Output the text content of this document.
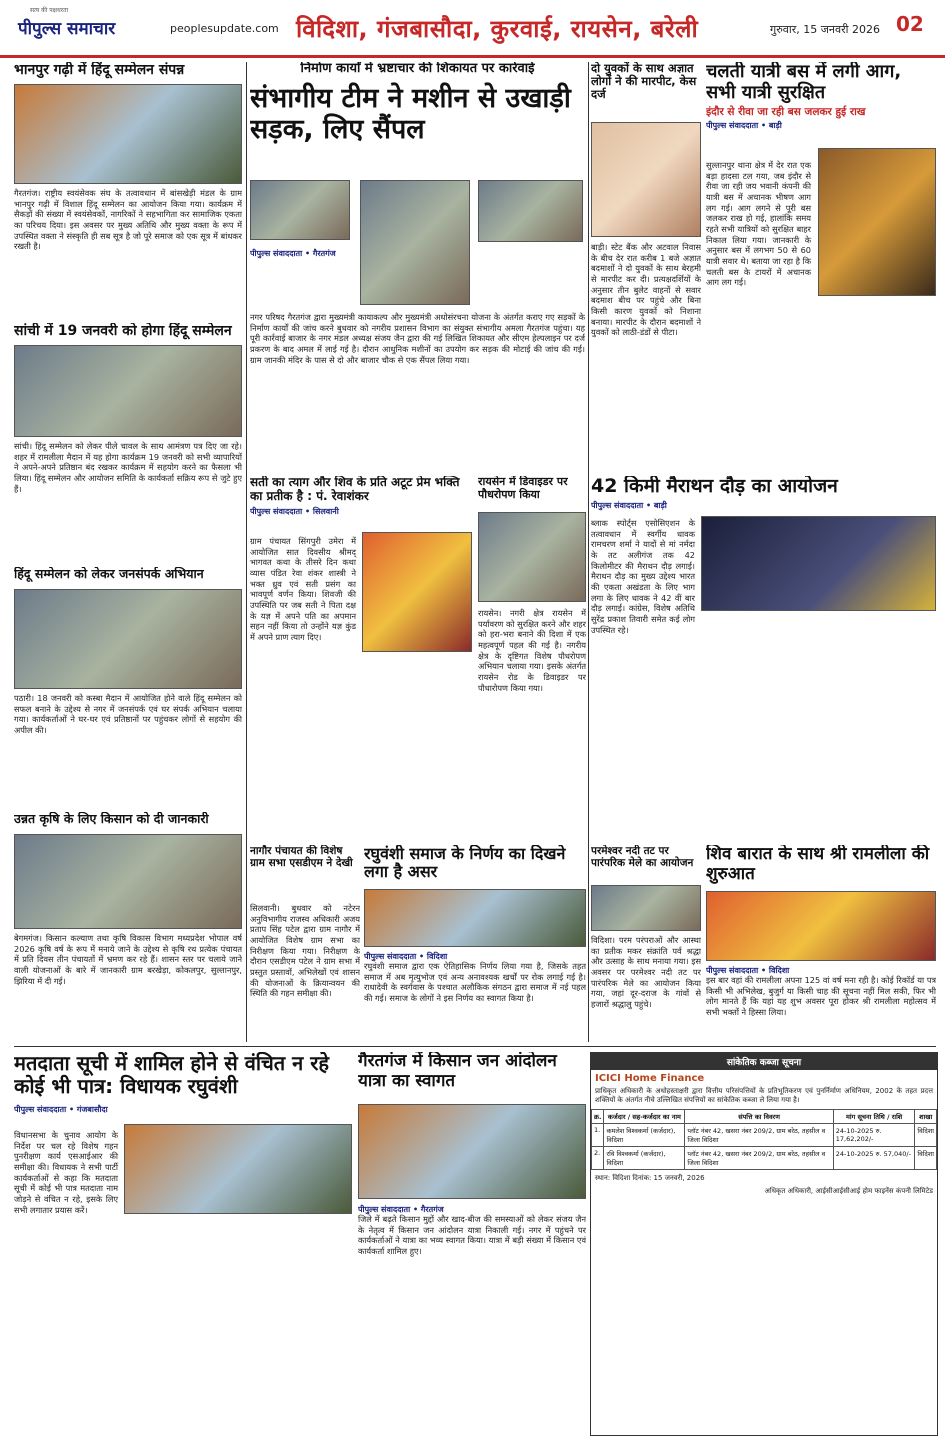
सत्य की पक्षधरता
पीपुल्स समाचार	peoplesupdate.com विदिशा, गंजबासौदा, कुरवाई, रायसेन, बरेली	गुरुवार, 15 जनवरी 2026 02
भानपुर गढ़ी में हिंदू सम्मेलन संपन्न
गैरतगंज। राष्ट्रीय स्वयंसेवक संघ के तत्वावधान में बांसखेड़ी मंडल के ग्राम भानपुर गढ़ी में विशाल हिंदू सम्मेलन का आयोजन किया गया। कार्यक्रम में सैकड़ों की संख्या में स्वयंसेवकों, नागरिकों ने सहभागिता कर सामाजिक एकता का परिचय दिया। इस अवसर पर मुख्य अतिथि और मुख्य वक्ता के रूप में उपस्थित वक्ता ने संस्कृति ही सब सूत्र है जो पूरे समाज को एक सूत्र में बांधकर रखती है।
सांची में 19 जनवरी को होगा हिंदू सम्मेलन
सांची। हिंदू सम्मेलन को लेकर पीले चावल के साथ आमंत्रण पत्र दिए जा रहे। शहर में रामलीला मैदान में यह होगा कार्यक्रम 19 जनवरी को सभी व्यापारियों ने अपने-अपने प्रतिष्ठान बंद रखकर कार्यक्रम में सहयोग करने का फैसला भी लिया। हिंदू सम्मेलन और आयोजन समिति के कार्यकर्ता सक्रिय रूप से जुटे हुए हैं।
हिंदू सम्मेलन को लेकर जनसंपर्क अभियान
पठारी। 18 जनवरी को कस्बा मैदान में आयोजित होने वाले हिंदू सम्मेलन को सफल बनाने के उद्देश्य से नगर में जनसंपर्क एवं घर संपर्क अभियान चलाया गया। कार्यकर्ताओं ने घर-घर एवं प्रतिष्ठानों पर पहुंचकर लोगों से सहयोग की अपील की।
उन्नत कृषि के लिए किसान को दी जानकारी
बेगमगंज। किसान कल्याण तथा कृषि विकास विभाग मध्यप्रदेश भोपाल वर्ष 2026 कृषि वर्ष के रूप में मनाये जाने के उद्देश्य से कृषि रथ प्रत्येक पंचायत में प्रति दिवस तीन पंचायतों में भ्रमण कर रहे हैं। शासन स्तर पर चलाये जाने वाली योजनाओं के बारे में जानकारी ग्राम बरखेड़ा, कोकलपुर, सुल्तानपुर, झिरिया में दी गई।
निर्माण कार्यों में भ्रष्टाचार की शिकायत पर कार्रवाई
संभागीय टीम ने मशीन से उखाड़ी सड़क, लिए सैंपल
पीपुल्स संवाददाता • गैरतगंज
नगर परिषद गैरतगंज द्वारा मुख्यमंत्री कायाकल्प और मुख्यमंत्री अधोसंरचना योजना के अंतर्गत कराए गए सड़कों के निर्माण कार्यों की जांच करने बुधवार को नगरीय प्रशासन विभाग का संयुक्त संभागीय अमला गैरतगंज पहुंचा। यह पूरी कार्रवाई बाजार के नगर मंडल अध्यक्ष संजय जैन द्वारा की गई लिखित शिकायत और सीएम हेल्पलाइन पर दर्ज प्रकरण के बाद अमल में लाई गई है। दौरान आधुनिक मशीनों का उपयोग कर सड़क की मोटाई की जांच की गई। ग्राम जानकी मंदिर के पास से दो और बाजार चौक से एक सैंपल लिया गया।
दो युवकों के साथ अज्ञात लोगों ने की मारपीट, केस दर्ज
बाड़ी। स्टेट बैंक और अटवाल निवास के बीच देर रात करीब 1 बजे अज्ञात बदमाशों ने दो युवकों के साथ बेरहमी से मारपीट कर दी। प्रत्यक्षदर्शियों के अनुसार तीन बुलेट वाहनों से सवार बदमाश बीच पर पहुंचे और बिना किसी कारण युवकों को निशाना बनाया। मारपीट के दौरान बदमाशों ने युवकों को लाठी-डंडों से पीटा।
चलती यात्री बस में लगी आग, सभी यात्री सुरक्षित
इंदौर से रीवा जा रही बस जलकर हुई राख
पीपुल्स संवाददाता • बाड़ी
सुल्तानपुर थाना क्षेत्र में देर रात एक बड़ा हादसा टल गया, जब इंदौर से रीवा जा रही जय भवानी कंपनी की यात्री बस में अचानक भीषण आग लग गई। आग लगने से पूरी बस जलकर राख हो गई, हालांकि समय रहते सभी यात्रियों को सुरक्षित बाहर निकाल लिया गया। जानकारी के अनुसार बस में लगभग 50 से 60 यात्री सवार थे। बताया जा रहा है कि चलती बस के टायरों में अचानक आग लग गई।
सती का त्याग और शिव के प्रति अटूट प्रेम भक्ति का प्रतीक है : पं. रेवाशंकर
पीपुल्स संवाददाता • सिलवानी
ग्राम पंचायत सिंगपुरी उमेरा में आयोजित सात दिवसीय श्रीमद् भागवत कथा के तीसरे दिन कथा व्यास पंडित रेवा शंकर शास्त्री ने भक्त ध्रुव एवं सती प्रसंग का भावपूर्ण वर्णन किया। शिवजी की उपस्थिति पर जब सती ने पिता दक्ष के यज्ञ में अपने पति का अपमान सहन नहीं किया तो उन्होंने यज्ञ कुंड में अपने प्राण त्याग दिए।
रायसेन में डिवाइडर पर पौधरोपण किया
रायसेन। नगरी क्षेत्र रायसेन में पर्यावरण को सुरक्षित करने और शहर को हरा-भरा बनाने की दिशा में एक महत्वपूर्ण पहल की गई है। नगरीय क्षेत्र के दृष्टिगत विशेष पौधरोपण अभियान चलाया गया। इसके अंतर्गत रायसेन रोड के डिवाइडर पर पौधारोपण किया गया।
42 किमी मैराथन दौड़ का आयोजन
पीपुल्स संवाददाता • बाड़ी
ब्लाक स्पोर्ट्स एसोसिएशन के तत्वावधान में स्वर्गीय धावक रामचरण शर्मा ने यादों से मां नर्मदा के तट अलीगंज तक 42 किलोमीटर की मैराथन दौड़ लगाई। मैराथन दौड़ का मुख्य उद्देश्य भारत की एकता अखंडता के लिए भाग लगा के लिए धावक ने 42 वीं बार दौड़ लगाई। कांग्रेस, विशेष अतिथि सुरेंद्र प्रकाश तिवारी समेत कई लोग उपस्थित रहे।
नागौर पंचायत की विशेष ग्राम सभा एसडीएम ने देखी
सिलवानी। बुधवार को नटेरन अनुविभागीय राजस्व अधिकारी अजय प्रताप सिंह पटेल द्वारा ग्राम नागौर में आयोजित विशेष ग्राम सभा का निरीक्षण किया गया। निरीक्षण के दौरान एसडीएम पटेल ने ग्राम सभा में प्रस्तुत प्रस्तावों, अभिलेखों एवं शासन की योजनाओं के क्रियान्वयन की स्थिति की गहन समीक्षा की।
रघुवंशी समाज के निर्णय का दिखने लगा है असर
पीपुल्स संवाददाता • विदिशा
रघुवंशी समाज द्वारा एक ऐतिहासिक निर्णय लिया गया है, जिसके तहत समाज में अब मृत्युभोज एवं अन्य अनावश्यक खर्चों पर रोक लगाई गई है। राधादेवी के स्वर्गवास के पश्चात अलौकिक संगठन द्वारा समाज में नई पहल की गई। समाज के लोगों ने इस निर्णय का स्वागत किया है।
परमेश्वर नदी तट पर पारंपरिक मेले का आयोजन
विदिशा। परम परंपराओं और आस्था का प्रतीक मकर संक्रांति पर्व श्रद्धा और उत्साह के साथ मनाया गया। इस अवसर पर परमेश्वर नदी तट पर पारंपरिक मेले का आयोजन किया गया, जहां दूर-दराज के गांवों से हजारों श्रद्धालु पहुंचे।
शिव बारात के साथ श्री रामलीला की शुरुआत
पीपुल्स संवाददाता • विदिशा
इस बार वहां की रामलीला अपना 125 वां वर्ष मना रही है। कोई रिकॉर्ड या पत्र किसी भी अभिलेख, बुजुर्ग या किसी चाह की सूचना नहीं मिल सकी, फिर भी लोग मानते हैं कि यहां यह शुभ अवसर पूरा होकर श्री रामलीला महोत्सव में सभी भक्तों ने हिस्सा लिया।
मतदाता सूची में शामिल होने से वंचित न रहे कोई भी पात्र: विधायक रघुवंशी
पीपुल्स संवाददाता • गंजबासौदा
विधानसभा के चुनाव आयोग के निर्देश पर चल रहे विशेष गहन पुनरीक्षण कार्य एसआईआर की समीक्षा की। विधायक ने सभी पार्टी कार्यकर्ताओं से कहा कि मतदाता सूची में कोई भी पात्र मतदाता नाम जोड़ने से वंचित न रहे, इसके लिए सभी लगातार प्रयास करें।
गैरतगंज में किसान जन आंदोलन यात्रा का स्वागत
पीपुल्स संवाददाता • गैरतगंज
जिले में बढ़ते किसान मुद्दों और खाद-बीज की समस्याओं को लेकर संजय जैन के नेतृत्व में किसान जन आंदोलन यात्रा निकाली गई। नगर में पहुंचने पर कार्यकर्ताओं ने यात्रा का भव्य स्वागत किया। यात्रा में बड़ी संख्या में किसान एवं कार्यकर्ता शामिल हुए।
सांकेतिक कब्जा सूचना
ICICI Home Finance
प्राधिकृत अधिकारी के अधोहस्ताक्षरी द्वारा वित्तीय परिसंपत्तियों के प्रतिभूतिकरण एवं पुनर्निर्माण अधिनियम, 2002 के तहत प्रदत्त शक्तियों के अंतर्गत नीचे उल्लिखित संपत्तियों का सांकेतिक कब्जा ले लिया गया है।
क्र.	कर्जदार / सह-कर्जदार का नाम	संपत्ति का विवरण	मांग सूचना तिथि / राशि	शाखा
1.	कमलेश विश्वकर्मा (कर्जदार), विदिशा	प्लॉट नंबर 42, खसरा नंबर 209/2, ग्राम बरेठ, तहसील व जिला विदिशा	24-10-2025 रु. 17,62,202/-	विदिशा
2.	रवि विश्वकर्मा (कर्जदार), विदिशा	प्लॉट नंबर 42, खसरा नंबर 209/2, ग्राम बरेठ, तहसील व जिला विदिशा	24-10-2025 रु. 57,040/-	विदिशा
स्थान: विदिशा दिनांक: 15 जनवरी, 2026
अधिकृत अधिकारी, आईसीआईसीआई होम फाइनेंस कंपनी लिमिटेड
